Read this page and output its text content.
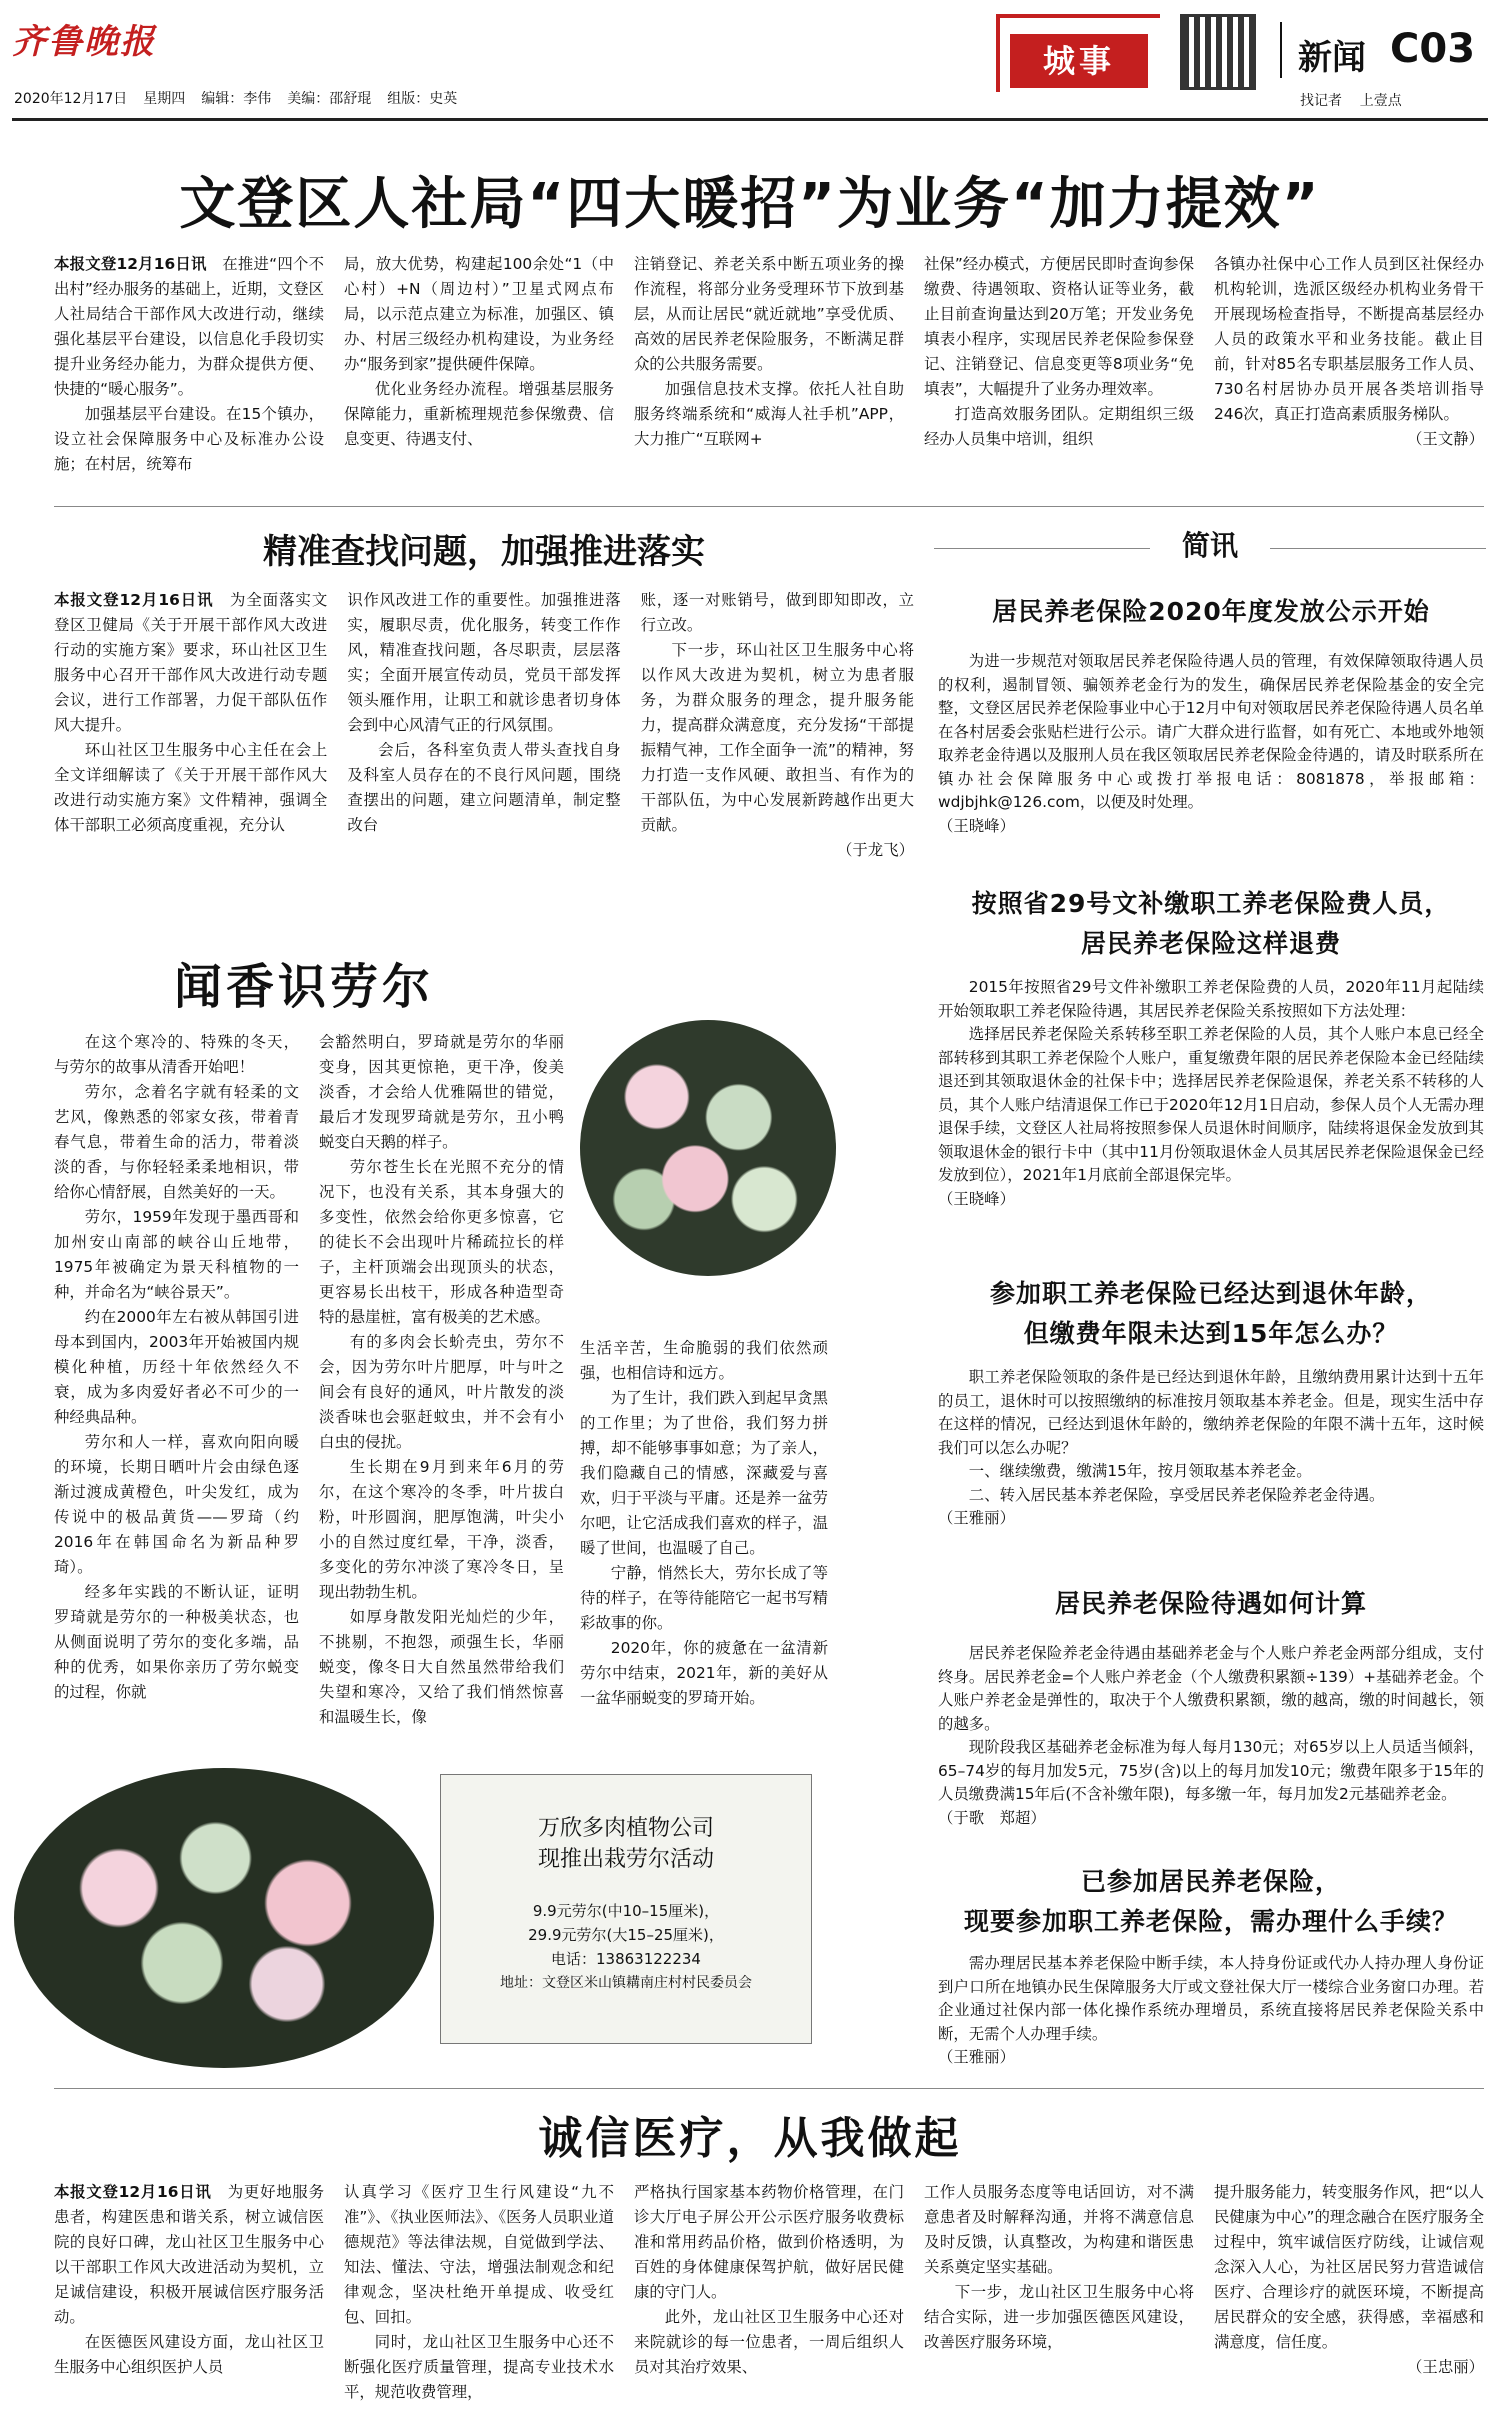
齐鲁晚报
2020年12月17日 星期四 编辑：李伟 美编：邵舒琨 组版：史英
城事	新闻 C03
找记者    上壹点
文登区人社局“四大暖招”为业务“加力提效”
本报文登12月16日讯　 在推进“四个不出村”经办服务的基础上，近期，文登区人社局结合干部作风大改进行动，继续强化基层平台建设，以信息化手段切实提升业务经办能力，为群众提供方便、快捷的“暖心服务”。

加强基层平台建设。在15个镇办，设立社会保障服务中心及标准办公设施；在村居，统筹布

局，放大优势，构建起100余处“1（中心村）+N（周边村）”卫星式网点布局，以示范点建立为标准，加强区、镇办、村居三级经办机构建设，为业务经办“服务到家”提供硬件保障。

优化业务经办流程。增强基层服务保障能力，重新梳理规范参保缴费、信息变更、待遇支付、

注销登记、养老关系中断五项业务的操作流程，将部分业务受理环节下放到基层，从而让居民“就近就地”享受优质、高效的居民养老保险服务，不断满足群众的公共服务需要。

加强信息技术支撑。依托人社自助服务终端系统和“威海人社手机”APP，大力推广“互联网+

社保”经办模式，方便居民即时查询参保缴费、待遇领取、资格认证等业务，截止目前查询量达到20万笔；开发业务免填表小程序，实现居民养老保险参保登记、注销登记、信息变更等8项业务“免填表”，大幅提升了业务办理效率。

打造高效服务团队。定期组织三级经办人员集中培训，组织

各镇办社保中心工作人员到区社保经办机构轮训，选派区级经办机构业务骨干开展现场检查指导，不断提高基层经办人员的政策水平和业务技能。截止目前，针对85名专职基层服务工作人员、730名村居协办员开展各类培训指导246次，真正打造高素质服务梯队。

（王文静）

精准查找问题，加强推进落实
本报文登12月16日讯　 为全面落实文登区卫健局《关于开展干部作风大改进行动的实施方案》要求，环山社区卫生服务中心召开干部作风大改进行动专题会议，进行工作部署，力促干部队伍作风大提升。

环山社区卫生服务中心主任在会上全文详细解读了《关于开展干部作风大改进行动实施方案》文件精神，强调全体干部职工必须高度重视，充分认

识作风改进工作的重要性。加强推进落实，履职尽责，优化服务，转变工作作风，精准查找问题，各尽职责，层层落实；全面开展宣传动员，党员干部发挥领头雁作用，让职工和就诊患者切身体会到中心风清气正的行风氛围。

会后，各科室负责人带头查找自身及科室人员存在的不良行风问题，围绕查摆出的问题，建立问题清单，制定整改台

账，逐一对账销号，做到即知即改，立行立改。

下一步，环山社区卫生服务中心将以作风大改进为契机，树立为患者服务，为群众服务的理念，提升服务能力，提高群众满意度，充分发扬“干部提振精气神，工作全面争一流”的精神，努力打造一支作风硬、敢担当、有作为的干部队伍，为中心发展新跨越作出更大贡献。

（于龙飞）

闻香识劳尔

在这个寒冷的、特殊的冬天，与劳尔的故事从清香开始吧！

劳尔，念着名字就有轻柔的文艺风，像熟悉的邻家女孩，带着青春气息，带着生命的活力，带着淡淡的香，与你轻轻柔柔地相识，带给你心情舒展，自然美好的一天。

劳尔，1959年发现于墨西哥和加州安山南部的峡谷山丘地带，1975年被确定为景天科植物的一种，并命名为“峡谷景天”。

约在2000年左右被从韩国引进母本到国内，2003年开始被国内规模化种植，历经十年依然经久不衰，成为多肉爱好者必不可少的一种经典品种。

劳尔和人一样，喜欢向阳向暖的环境，长期日晒叶片会由绿色逐渐过渡成黄橙色，叶尖发红，成为传说中的极品黄货——罗琦（约2016年在韩国命名为新品种罗琦）。

经多年实践的不断认证，证明罗琦就是劳尔的一种极美状态，也从侧面说明了劳尔的变化多端，品种的优秀，如果你亲历了劳尔蜕变的过程，你就

会豁然明白，罗琦就是劳尔的华丽变身，因其更惊艳，更干净，俊美淡香，才会给人优雅隔世的错觉，最后才发现罗琦就是劳尔，丑小鸭蜕变白天鹅的样子。

劳尔苍生长在光照不充分的情况下，也没有关系，其本身强大的多变性，依然会给你更多惊喜，它的徒长不会出现叶片稀疏拉长的样子，主杆顶端会出现顶头的状态，更容易长出枝干，形成各种造型奇特的悬崖桩，富有极美的艺术感。

有的多肉会长蚧壳虫，劳尔不会，因为劳尔叶片肥厚，叶与叶之间会有良好的通风，叶片散发的淡淡香味也会驱赶蚊虫，并不会有小白虫的侵扰。

生长期在9月到来年6月的劳尔，在这个寒冷的冬季，叶片拔白粉，叶形圆润，肥厚饱满，叶尖小小的自然过度红晕，干净，淡香，多变化的劳尔冲淡了寒冷冬日，呈现出勃勃生机。

如厚身散发阳光灿烂的少年，不挑剔，不抱怨，顽强生长，华丽蜕变，像冬日大自然虽然带给我们失望和寒冷，又给了我们悄然惊喜和温暖生长，像

生活辛苦，生命脆弱的我们依然顽强，也相信诗和远方。

为了生计，我们跌入到起早贪黑的工作里；为了世俗，我们努力拼搏，却不能够事事如意；为了亲人，我们隐藏自己的情感，深藏爱与喜欢，归于平淡与平庸。还是养一盆劳尔吧，让它活成我们喜欢的样子，温暖了世间，也温暖了自己。

宁静，悄然长大，劳尔长成了等待的样子，在等待能陪它一起书写精彩故事的你。

2020年，你的疲惫在一盆清新劳尔中结束，2021年，新的美好从一盆华丽蜕变的罗琦开始。

万欣多肉植物公司
现推出栽劳尔活动
9.9元劳尔(中10–15厘米)，
29.9元劳尔(大15–25厘米)，
电话：13863122234
地址：文登区米山镇耩南庄村村民委员会
简讯
居民养老保险2020年度发放公示开始

为进一步规范对领取居民养老保险待遇人员的管理，有效保障领取待遇人员的权利，遏制冒领、骗领养老金行为的发生，确保居民养老保险基金的安全完整，文登区居民养老保险事业中心于12月中旬对领取居民养老保险待遇人员名单在各村居委会张贴栏进行公示。请广大群众进行监督，如有死亡、本地或外地领取养老金待遇以及服刑人员在我区领取居民养老保险金待遇的，请及时联系所在镇办社会保障服务中心或拨打举报电话：8081878，举报邮箱：wdjbjhk@126.com，以便及时处理。

（王晓峰）

按照省29号文补缴职工养老保险费人员，
居民养老保险这样退费

2015年按照省29号文件补缴职工养老保险费的人员，2020年11月起陆续开始领取职工养老保险待遇，其居民养老保险关系按照如下方法处理：

选择居民养老保险关系转移至职工养老保险的人员，其个人账户本息已经全部转移到其职工养老保险个人账户，重复缴费年限的居民养老保险本金已经陆续退还到其领取退休金的社保卡中；选择居民养老保险退保，养老关系不转移的人员，其个人账户结清退保工作已于2020年12月1日启动，参保人员个人无需办理退保手续，文登区人社局将按照参保人员退休时间顺序，陆续将退保金发放到其领取退休金的银行卡中（其中11月份领取退休金人员其居民养老保险退保金已经发放到位），2021年1月底前全部退保完毕。

（王晓峰）

参加职工养老保险已经达到退休年龄，
但缴费年限未达到15年怎么办？

职工养老保险领取的条件是已经达到退休年龄，且缴纳费用累计达到十五年的员工，退休时可以按照缴纳的标准按月领取基本养老金。但是，现实生活中存在这样的情况，已经达到退休年龄的，缴纳养老保险的年限不满十五年，这时候我们可以怎么办呢？

一、继续缴费，缴满15年，按月领取基本养老金。

二、转入居民基本养老保险，享受居民养老保险养老金待遇。

（王雅丽）

居民养老保险待遇如何计算

居民养老保险养老金待遇由基础养老金与个人账户养老金两部分组成，支付终身。居民养老金=个人账户养老金（个人缴费积累额÷139）+基础养老金。个人账户养老金是弹性的，取决于个人缴费积累额，缴的越高，缴的时间越长，领的越多。

现阶段我区基础养老金标准为每人每月130元；对65岁以上人员适当倾斜，65–74岁的每月加发5元，75岁(含)以上的每月加发10元；缴费年限多于15年的人员缴费满15年后(不含补缴年限)，每多缴一年，每月加发2元基础养老金。

（于歌　郑超）

已参加居民养老保险，
现要参加职工养老保险，需办理什么手续？

需办理居民基本养老保险中断手续，本人持身份证或代办人持办理人身份证到户口所在地镇办民生保障服务大厅或文登社保大厅一楼综合业务窗口办理。若企业通过社保内部一体化操作系统办理增员，系统直接将居民养老保险关系中断，无需个人办理手续。

（王雅丽）

诚信医疗，从我做起
本报文登12月16日讯　 为更好地服务患者，构建医患和谐关系，树立诚信医院的良好口碑，龙山社区卫生服务中心以干部职工作风大改进活动为契机，立足诚信建设，积极开展诚信医疗服务活动。

在医德医风建设方面，龙山社区卫生服务中心组织医护人员

认真学习《医疗卫生行风建设“九不准”》、《执业医师法》、《医务人员职业道德规范》等法律法规，自觉做到学法、知法、懂法、守法，增强法制观念和纪律观念，坚决杜绝开单提成、收受红包、回扣。

同时，龙山社区卫生服务中心还不断强化医疗质量管理，提高专业技术水平，规范收费管理，

严格执行国家基本药物价格管理，在门诊大厅电子屏公开公示医疗服务收费标准和常用药品价格，做到价格透明，为百姓的身体健康保驾护航，做好居民健康的守门人。

此外，龙山社区卫生服务中心还对来院就诊的每一位患者，一周后组织人员对其治疗效果、

工作人员服务态度等电话回访，对不满意患者及时解释沟通，并将不满意信息及时反馈，认真整改，为构建和谐医患关系奠定坚实基础。

下一步，龙山社区卫生服务中心将结合实际，进一步加强医德医风建设，改善医疗服务环境，

提升服务能力，转变服务作风，把“以人民健康为中心”的理念融合在医疗服务全过程中，筑牢诚信医疗防线，让诚信观念深入人心，为社区居民努力营造诚信医疗、合理诊疗的就医环境，不断提高居民群众的安全感，获得感，幸福感和满意度，信任度。

（王忠丽）
